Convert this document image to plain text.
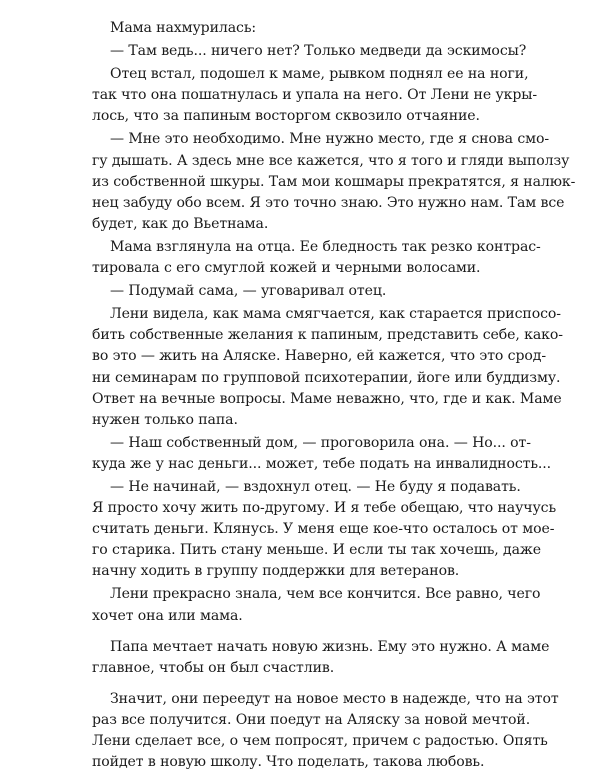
Мама нахмурилась:
— Там ведь... ничего нет? Только медведи да эскимосы?
Отец встал, подошел к маме, рывком поднял ее на ноги,
так что она пошатнулась и упала на него. От Лени не укры-
лось, что за папиным восторгом сквозило отчаяние.
— Мне это необходимо. Мне нужно место, где я снова смо-
гу дышать. А здесь мне все кажется, что я того и гляди выползу
из собственной шкуры. Там мои кошмары прекратятся, я налюк-
нец забуду обо всем. Я это точно знаю. Это нужно нам. Там все
будет, как до Вьетнама.
Мама взглянула на отца. Ее бледность так резко контрас-
тировала с его смуглой кожей и черными волосами.
— Подумай сама, — уговаривал отец.
Лени видела, как мама смягчается, как старается приспосо-
бить собственные желания к папиным, представить себе, како-
во это — жить на Аляске. Наверно, ей кажется, что это срод-
ни семинарам по групповой психотерапии, йоге или буддизму.
Ответ на вечные вопросы. Маме неважно, что, где и как. Маме
нужен только папа.
— Наш собственный дом, — проговорила она. — Но... от-
куда же у нас деньги... может, тебе подать на инвалидность...
— Не начинай, — вздохнул отец. — Не буду я подавать.
Я просто хочу жить по-другому. И я тебе обещаю, что научусь
считать деньги. Клянусь. У меня еще кое-что осталось от мое-
го старика. Пить стану меньше. И если ты так хочешь, даже
начну ходить в группу поддержки для ветеранов.
Лени прекрасно знала, чем все кончится. Все равно, чего
хочет она или мама.
Папа мечтает начать новую жизнь. Ему это нужно. А маме
главное, чтобы он был счастлив.
Значит, они переедут на новое место в надежде, что на этот
раз все получится. Они поедут на Аляску за новой мечтой.
Лени сделает все, о чем попросят, причем с радостью. Опять
пойдет в новую школу. Что поделать, такова любовь.
